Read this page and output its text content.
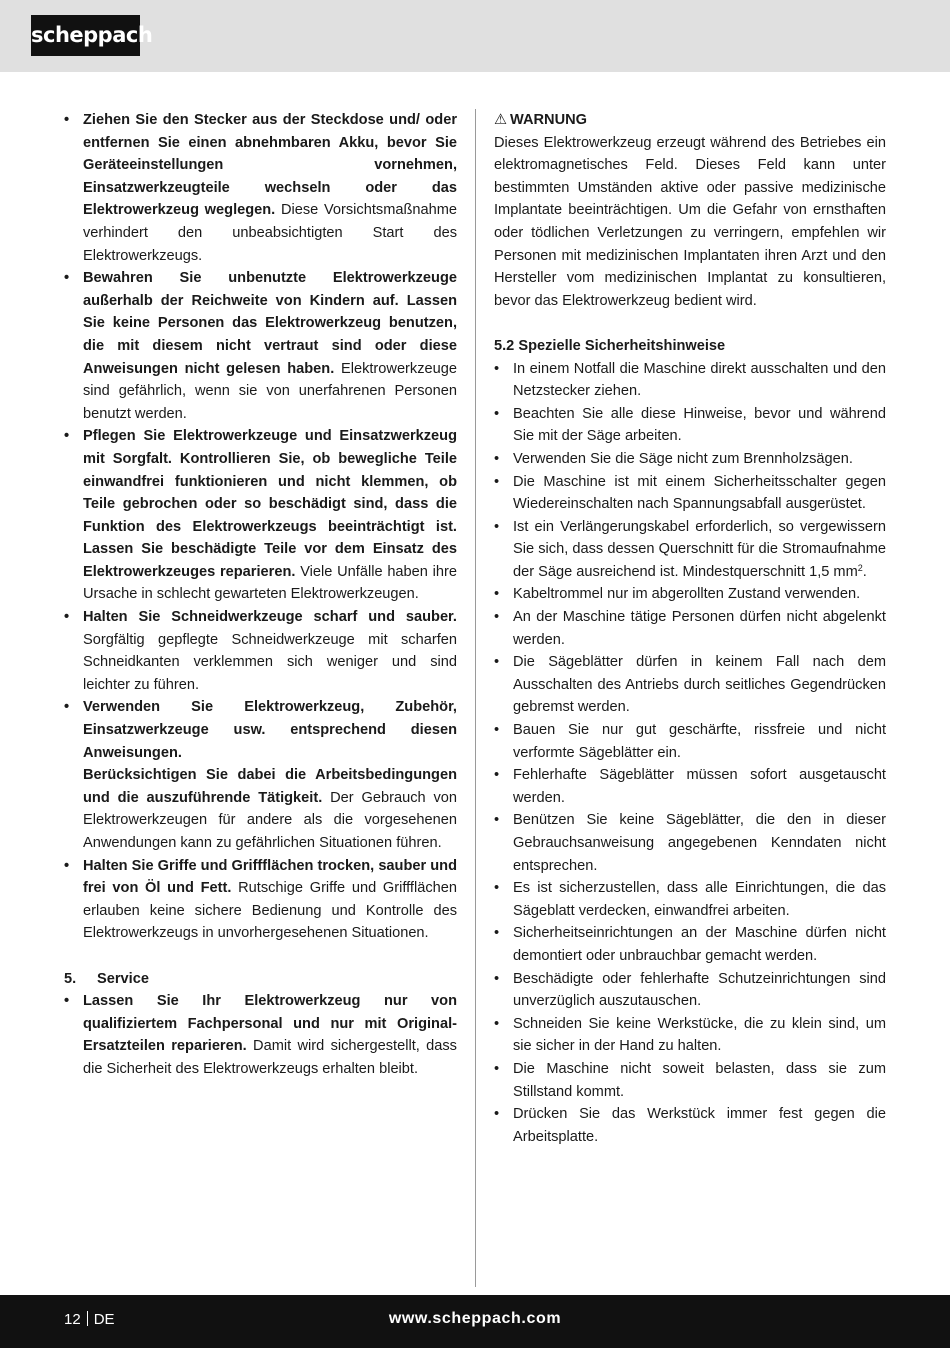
scheppach
• Ziehen Sie den Stecker aus der Steckdose und/ oder entfernen Sie einen abnehmbaren Akku, bevor Sie Geräteeinstellungen vornehmen, Einsatzwerkzeugteile wechseln oder das Elektrowerkzeug weglegen. Diese Vorsichtsmaßnahme verhindert den unbeabsichtigten Start des Elektrowerkzeugs.
• Bewahren Sie unbenutzte Elektrowerkzeuge außerhalb der Reichweite von Kindern auf. Lassen Sie keine Personen das Elektrowerkzeug benutzen, die mit diesem nicht vertraut sind oder diese Anweisungen nicht gelesen haben. Elektrowerkzeuge sind gefährlich, wenn sie von unerfahrenen Personen benutzt werden.
• Pflegen Sie Elektrowerkzeuge und Einsatzwerkzeug mit Sorgfalt. Kontrollieren Sie, ob bewegliche Teile einwandfrei funktionieren und nicht klemmen, ob Teile gebrochen oder so beschädigt sind, dass die Funktion des Elektrowerkzeugs beeinträchtigt ist. Lassen Sie beschädigte Teile vor dem Einsatz des Elektrowerkzeuges reparieren. Viele Unfälle haben ihre Ursache in schlecht gewarteten Elektrowerkzeugen.
• Halten Sie Schneidwerkzeuge scharf und sauber. Sorgfältig gepflegte Schneidwerkzeuge mit scharfen Schneidkanten verklemmen sich weniger und sind leichter zu führen.
• Verwenden Sie Elektrowerkzeug, Zubehör, Einsatzwerkzeuge usw. entsprechend diesen Anweisungen.
Berücksichtigen Sie dabei die Arbeitsbedingungen und die auszuführende Tätigkeit. Der Gebrauch von Elektrowerkzeugen für andere als die vorgesehenen Anwendungen kann zu gefährlichen Situationen führen.
• Halten Sie Griffe und Griffflächen trocken, sauber und frei von Öl und Fett. Rutschige Griffe und Griffflächen erlauben keine sichere Bedienung und Kontrolle des Elektrowerkzeugs in unvorhergesehenen Situationen.
5. Service
• Lassen Sie Ihr Elektrowerkzeug nur von qualifiziertem Fachpersonal und nur mit Original-Ersatzteilen reparieren. Damit wird sichergestellt, dass die Sicherheit des Elektrowerkzeugs erhalten bleibt.
⚠ WARNUNG

Dieses Elektrowerkzeug erzeugt während des Betriebes ein elektromagnetisches Feld. Dieses Feld kann unter bestimmten Umständen aktive oder passive medizinische Implantate beeinträchtigen. Um die Gefahr von ernsthaften oder tödlichen Verletzungen zu verringern, empfehlen wir Personen mit medizinischen Implantaten ihren Arzt und den Hersteller vom medizinischen Implantat zu konsultieren, bevor das Elektrowerkzeug bedient wird.

5.2 Spezielle Sicherheitshinweise
• In einem Notfall die Maschine direkt ausschalten und den Netzstecker ziehen.
• Beachten Sie alle diese Hinweise, bevor und während Sie mit der Säge arbeiten.
• Verwenden Sie die Säge nicht zum Brennholzsägen.
• Die Maschine ist mit einem Sicherheitsschalter gegen Wiedereinschalten nach Spannungsabfall ausgerüstet.
• Ist ein Verlängerungskabel erforderlich, so vergewissern Sie sich, dass dessen Querschnitt für die Stromaufnahme der Säge ausreichend ist. Mindestquerschnitt 1,5 $mm^2$.
• Kabeltrommel nur im abgerollten Zustand verwenden.
• An der Maschine tätige Personen dürfen nicht abgelenkt werden.
• Die Sägeblätter dürfen in keinem Fall nach dem Ausschalten des Antriebs durch seitliches Gegendrücken gebremst werden.
• Bauen Sie nur gut geschärfte, rissfreie und nicht verformte Sägeblätter ein.
• Fehlerhafte Sägeblätter müssen sofort ausgetauscht werden.
• Benützen Sie keine Sägeblätter, die den in dieser Gebrauchsanweisung angegebenen Kenndaten nicht entsprechen.
• Es ist sicherzustellen, dass alle Einrichtungen, die das Sägeblatt verdecken, einwandfrei arbeiten.
• Sicherheitseinrichtungen an der Maschine dürfen nicht demontiert oder unbrauchbar gemacht werden.
• Beschädigte oder fehlerhafte Schutzeinrichtungen sind unverzüglich auszutauschen.
• Schneiden Sie keine Werkstücke, die zu klein sind, um sie sicher in der Hand zu halten.
• Die Maschine nicht soweit belasten, dass sie zum Stillstand kommt.
• Drücken Sie das Werkstück immer fest gegen die Arbeitsplatte.
12 DE	www.scheppach.com
